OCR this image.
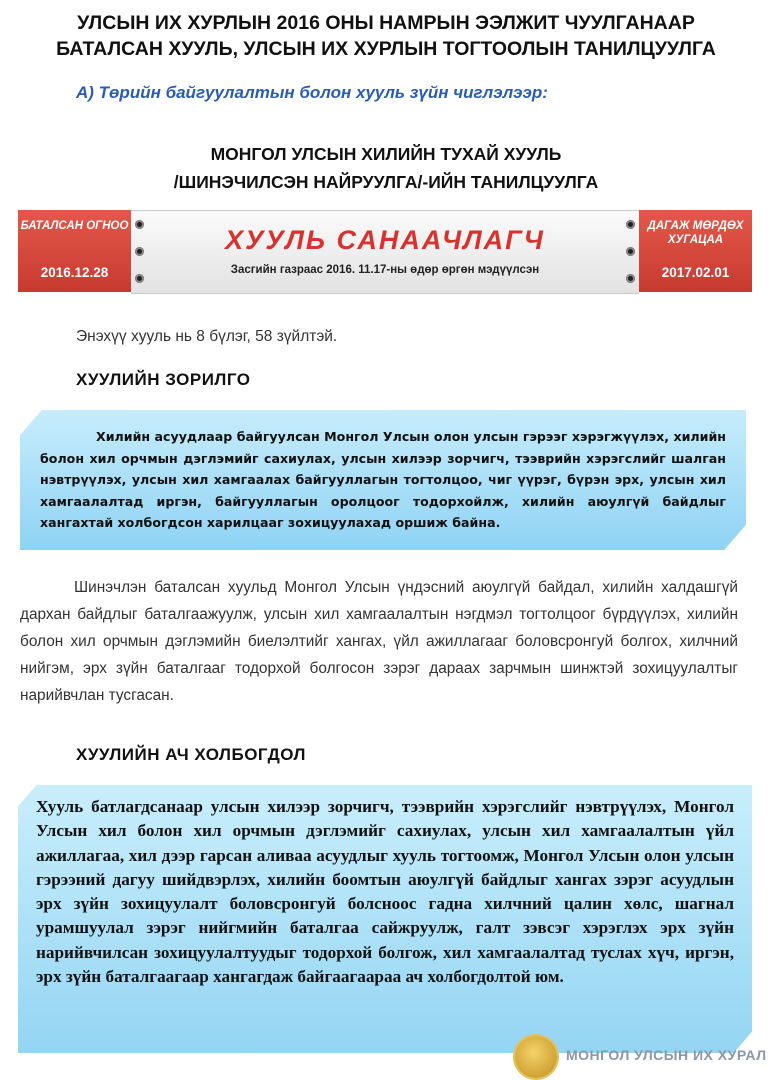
УЛСЫН ИХ ХУРЛЫН 2016 ОНЫ НАМРЫН ЭЭЛЖИТ ЧУУЛГАНААР
БАТАЛСАН ХУУЛЬ, УЛСЫН ИХ ХУРЛЫН ТОГТООЛЫН ТАНИЛЦУУЛГА
А) Төрийн байгуулалтын болон хууль зүйн чиглэлээр:
МОНГОЛ УЛСЫН ХИЛИЙН ТУХАЙ ХУУЛЬ
/ШИНЭЧИЛСЭН НАЙРУУЛГА/-ИЙН ТАНИЛЦУУЛГА
БАТАЛСАН ОГНОО
2016.12.28
ХУУЛЬ САНААЧЛАГЧ
Засгийн газраас 2016. 11.17-ны өдөр өргөн мэдүүлсэн
ДАГАЖ МӨРДӨХ ХУГАЦАА
2017.02.01
Энэхүү хууль нь 8 бүлэг, 58 зүйлтэй.
ХУУЛИЙН ЗОРИЛГО
Хилийн асуудлаар байгуулсан Монгол Улсын олон улсын гэрээг хэрэгжүүлэх, хилийн болон хил орчмын дэглэмийг сахиулах, улсын хилээр зорчигч, тээврийн хэрэгслийг шалган нэвтрүүлэх, улсын хил хамгаалах байгууллагын тогтолцоо, чиг үүрэг, бүрэн эрх, улсын хил хамгаалалтад иргэн, байгууллагын оролцоог тодорхойлж, хилийн аюулгүй байдлыг хангахтай холбогдсон харилцааг зохицуулахад оршиж байна.
Шинэчлэн баталсан хуульд Монгол Улсын үндэсний аюулгүй байдал, хилийн халдашгүй дархан байдлыг баталгаажуулж, улсын хил хамгаалалтын нэгдмэл тогтолцоог бүрдүүлэх, хилийн болон хил орчмын дэглэмийн биелэлтийг хангах, үйл ажиллагааг боловсронгуй болгох, хилчний нийгэм, эрх зүйн баталгааг тодорхой болгосон зэрэг дараах зарчмын шинжтэй зохицуулалтыг нарийвчлан тусгасан.
ХУУЛИЙН АЧ ХОЛБОГДОЛ
Хууль батлагдсанаар улсын хилээр зорчигч, тээврийн хэрэгслийг нэвтрүүлэх, Монгол Улсын хил болон хил орчмын дэглэмийг сахиулах, улсын хил хамгаалалтын үйл ажиллагаа, хил дээр гарсан аливаа асуудлыг хууль тогтоомж, Монгол Улсын олон улсын гэрээний дагуу шийдвэрлэх, хилийн боомтын аюулгүй байдлыг хангах зэрэг асуудлын эрх зүйн зохицуулалт боловсронгуй болсноос гадна хилчний цалин хөлс, шагнал урамшуулал зэрэг нийгмийн баталгаа сайжруулж, галт зэвсэг хэрэглэх эрх зүйн нарийвчилсан зохицуулалтуудыг тодорхой болгож, хил хамгаалалтад туслах хүч, иргэн, эрх зүйн баталгаагаар хангагдаж байгаагаараа ач холбогдолтой юм.
МОНГОЛ УЛСЫН ИХ ХУРАЛ
